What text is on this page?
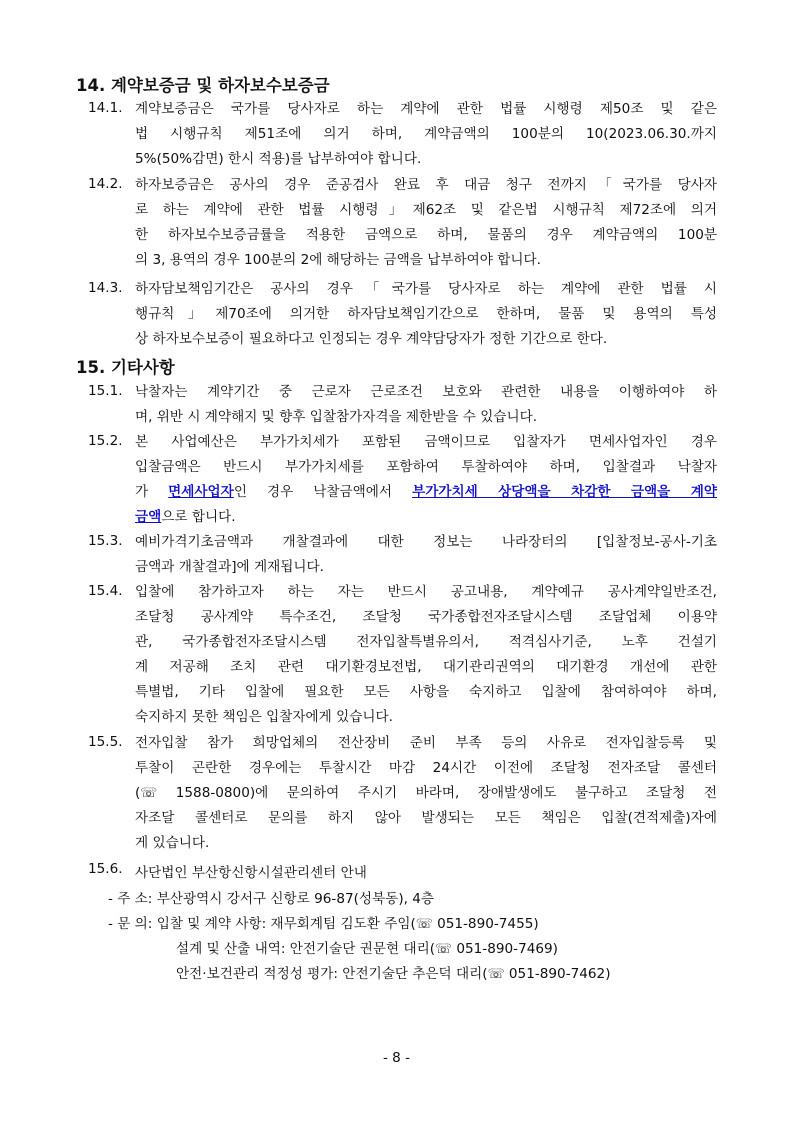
14. 계약보증금 및 하자보수보증금
14.1. 계약보증금은 국가를 당사자로 하는 계약에 관한 법률 시행령 제50조 및 같은
법 시행규칙 제51조에 의거 하며, 계약금액의 100분의 10(2023.06.30.까지
5%(50%감면) 한시 적용)를 납부하여야 합니다.
14.2. 하자보증금은 공사의 경우 준공검사 완료 후 대금 청구 전까지「국가를 당사자
로 하는 계약에 관한 법률 시행령」제62조 및 같은법 시행규칙 제72조에 의거
한 하자보수보증금률을 적용한 금액으로 하며, 물품의 경우 계약금액의 100분
의 3, 용역의 경우 100분의 2에 해당하는 금액을 납부하여야 합니다.
14.3. 하자담보책임기간은 공사의 경우「국가를 당사자로 하는 계약에 관한 법률 시
행규칙」제70조에 의거한 하자담보책임기간으로 한하며, 물품 및 용역의 특성
상 하자보수보증이 필요하다고 인정되는 경우 계약담당자가 정한 기간으로 한다.
15. 기타사항
15.1. 낙찰자는 계약기간 중 근로자 근로조건 보호와 관련한 내용을 이행하여야 하
며, 위반 시 계약해지 및 향후 입찰참가자격을 제한받을 수 있습니다.
15.2. 본 사업예산은 부가가치세가 포함된 금액이므로 입찰자가 면세사업자인 경우
입찰금액은 반드시 부가가치세를 포함하여 투찰하여야 하며, 입찰결과 낙찰자
가 면세사업자인 경우 낙찰금액에서 부가가치세 상당액을 차감한 금액을 계약
금액으로 합니다.
15.3. 예비가격기초금액과 개찰결과에 대한 정보는 나라장터의 [입찰정보-공사-기초
금액과 개찰결과]에 게재됩니다.
15.4. 입찰에 참가하고자 하는 자는 반드시 공고내용, 계약예규 공사계약일반조건,
조달청 공사계약 특수조건, 조달청 국가종합전자조달시스템 조달업체 이용약
관, 국가종합전자조달시스템 전자입찰특별유의서, 적격심사기준, 노후 건설기
계 저공해 조치 관련 대기환경보전법, 대기관리권역의 대기환경 개선에 관한
특별법, 기타 입찰에 필요한 모든 사항을 숙지하고 입찰에 참여하여야 하며,
숙지하지 못한 책임은 입찰자에게 있습니다.
15.5. 전자입찰 참가 희망업체의 전산장비 준비 부족 등의 사유로 전자입찰등록 및
투찰이 곤란한 경우에는 투찰시간 마감 24시간 이전에 조달청 전자조달 콜센터
(☏ 1588-0800)에 문의하여 주시기 바라며, 장애발생에도 불구하고 조달청 전
자조달 콜센터로 문의를 하지 않아 발생되는 모든 책임은 입찰(견적제출)자에
게 있습니다.
15.6. 사단법인 부산항신항시설관리센터 안내
- 주 소: 부산광역시 강서구 신항로 96-87(성북동), 4층
- 문 의: 입찰 및 계약 사항: 재무회계팀 김도환 주임(☏ 051-890-7455)
설계 및 산출 내역: 안전기술단 권문현 대리(☏ 051-890-7469)
안전·보건관리 적정성 평가: 안전기술단 추은덕 대리(☏ 051-890-7462)
- 8 -
